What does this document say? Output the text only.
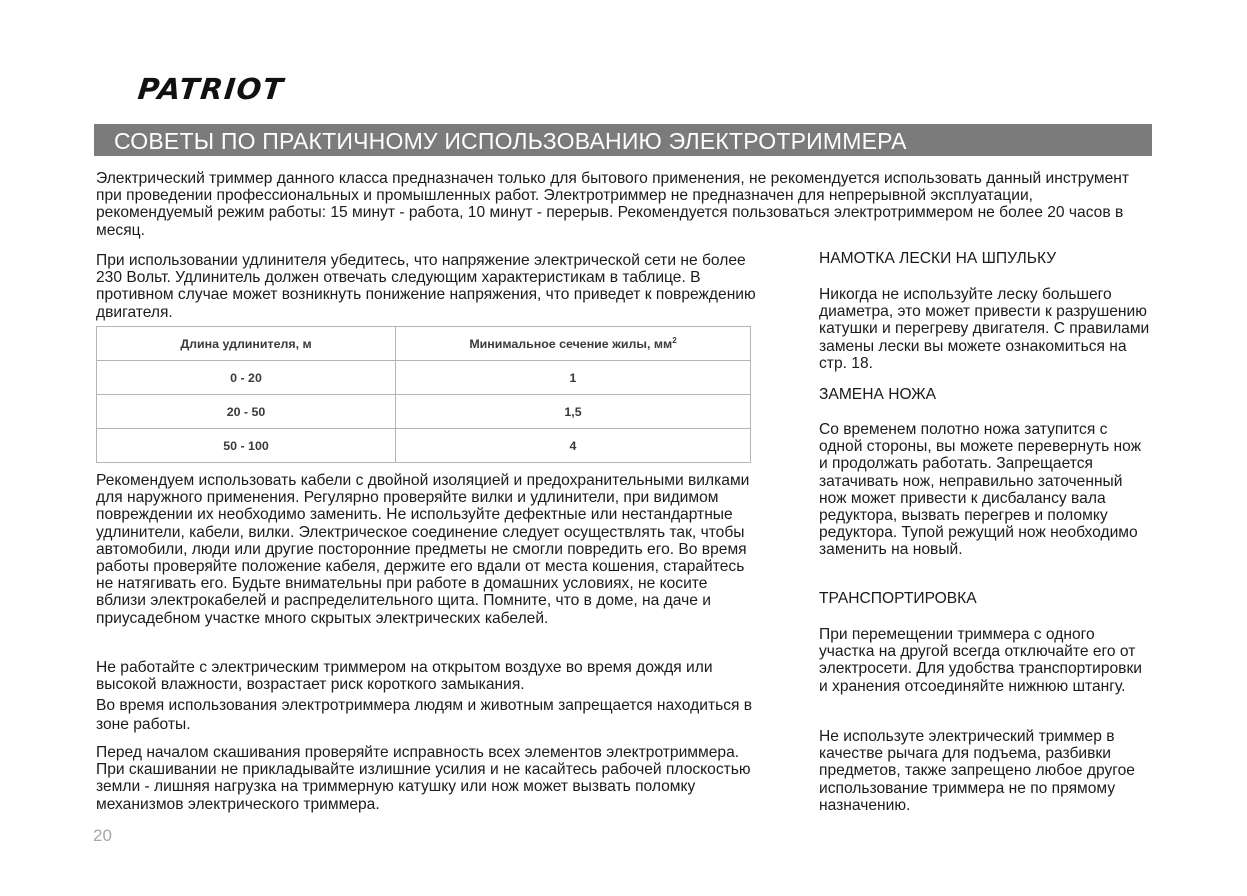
PATRIOT
СОВЕТЫ ПО ПРАКТИЧНОМУ ИСПОЛЬЗОВАНИЮ ЭЛЕКТРОТРИММЕРА

Электрический триммер данного класса предназначен только для бытового применения, не рекомендуется использовать данный инструмент при проведении профессиональных и промышленных работ. Электротриммер не предназначен для непрерывной эксплуатации, рекомендуемый режим работы: 15 минут - работа, 10 минут - перерыв. Рекомендуется пользоваться электротриммером не более 20 часов в месяц.

При использовании удлинителя убедитесь, что напряжение электрической сети не более 230 Вольт. Удлинитель должен отвечать следующим характеристикам в таблице. В противном случае может возникнуть понижение напряжения, что приведет к повреждению двигателя.

Длина удлинителя, м	Минимальное сечение жилы, $мм^2$
0 - 20	1
20 - 50	1,5
50 - 100	4

Рекомендуем использовать кабели с двойной изоляцией и предохранительными вилками для наружного применения. Регулярно проверяйте вилки и удлинители, при видимом повреждении их необходимо заменить. Не используйте дефектные или нестандартные удлинители, кабели, вилки. Электрическое соединение следует осуществлять так, чтобы автомобили, люди или другие посторонние предметы не смогли повредить его. Во время работы проверяйте положение кабеля, держите его вдали от места кошения, старайтесь не натягивать его. Будьте внимательны при работе в домашних условиях, не косите вблизи электрокабелей и распределительного щита. Помните, что в доме, на даче и приусадебном участке много скрытых электрических кабелей.

Не работайте с электрическим триммером на открытом воздухе во время дождя или высокой влажности, возрастает риск короткого замыкания.

Во время использования электротриммера людям и животным запрещается находиться в зоне работы.

Перед началом скашивания проверяйте исправность всех элементов электротриммера. При скашивании не прикладывайте излишние усилия и не касайтесь рабочей плоскостью земли - лишняя нагрузка на триммерную катушку или нож может вызвать поломку механизмов электрического триммера.

НАМОТКА ЛЕСКИ НА ШПУЛЬКУ

Никогда не используйте леску большего диаметра, это может привести к разрушению катушки и перегреву двигателя. С правилами замены лески вы можете ознакомиться на стр. 18.

ЗАМЕНА НОЖА

Со временем полотно ножа затупится с одной стороны, вы можете перевернуть нож и продолжать работать. Запрещается затачивать нож, неправильно заточенный нож может привести к дисбалансу вала редуктора, вызвать перегрев и поломку редуктора. Тупой режущий нож необходимо заменить на новый.

ТРАНСПОРТИРОВКА

При перемещении триммера с одного участка на другой всегда отключайте его от электросети. Для удобства транспортировки и хранения отсоединяйте нижнюю штангу.

Не используте электрический триммер в качестве рычага для подъема, разбивки предметов, также запрещено любое другое использование триммера не по прямому назначению.

20
